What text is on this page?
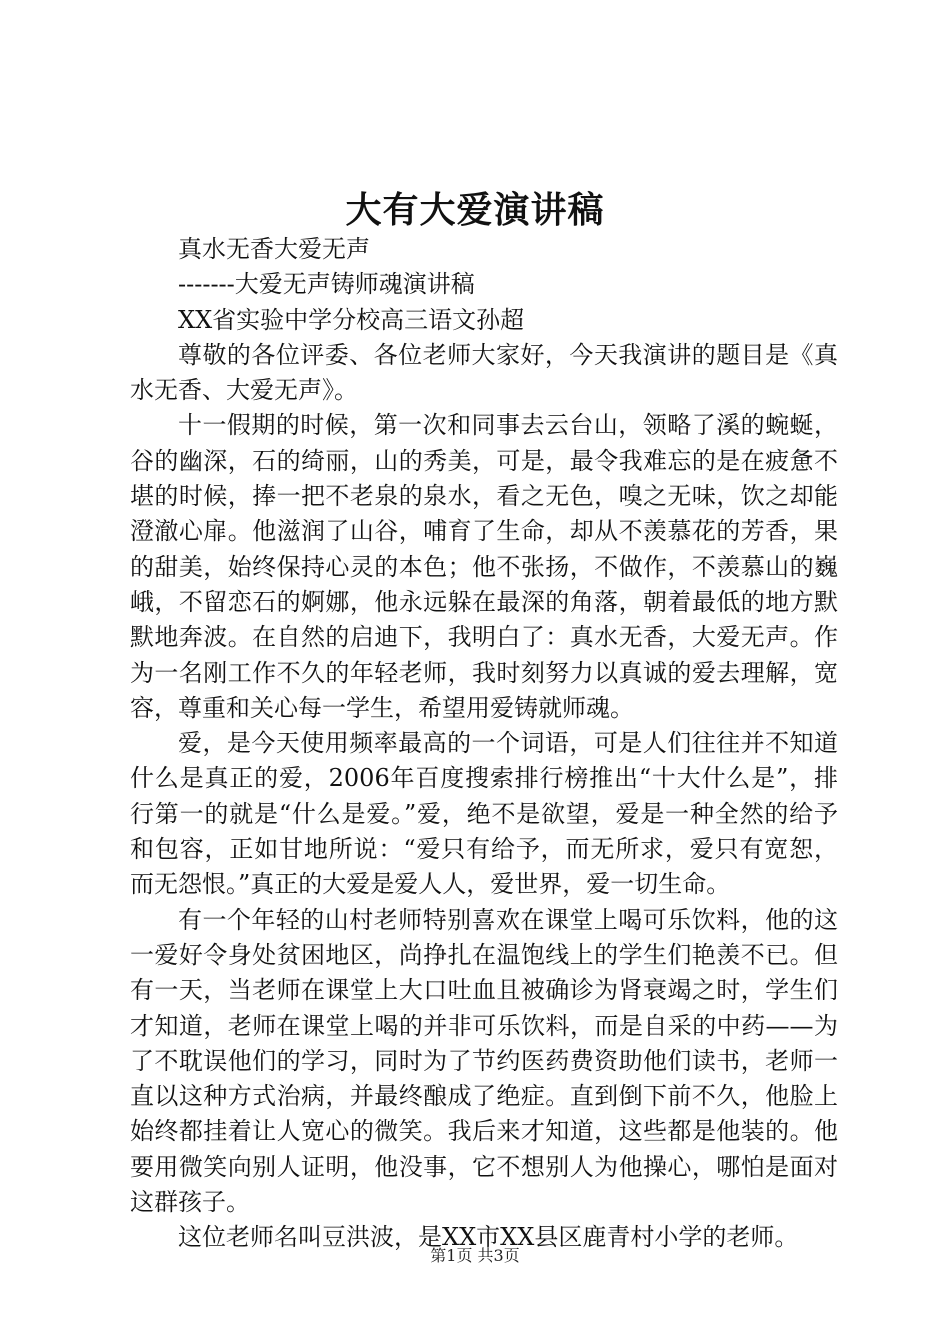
大有大爱演讲稿

真水无香大爱无声

-------大爱无声铸师魂演讲稿

XX省实验中学分校高三语文孙超

尊敬的各位评委、各位老师大家好，今天我演讲的题目是《真水无香、大爱无声》。

十一假期的时候，第一次和同事去云台山，领略了溪的蜿蜒，谷的幽深，石的绮丽，山的秀美，可是，最令我难忘的是在疲惫不堪的时候，捧一把不老泉的泉水，看之无色，嗅之无味，饮之却能澄澈心扉。他滋润了山谷，哺育了生命，却从不羡慕花的芳香，果的甜美，始终保持心灵的本色；他不张扬，不做作，不羡慕山的巍峨，不留恋石的婀娜，他永远躲在最深的角落，朝着最低的地方默默地奔波。在自然的启迪下，我明白了：真水无香，大爱无声。作为一名刚工作不久的年轻老师，我时刻努力以真诚的爱去理解，宽容，尊重和关心每一学生，希望用爱铸就师魂。

爱，是今天使用频率最高的一个词语，可是人们往往并不知道什么是真正的爱，2006年百度搜索排行榜推出“十大什么是”，排行第一的就是“什么是爱。”爱，绝不是欲望，爱是一种全然的给予和包容，正如甘地所说：“爱只有给予，而无所求，爱只有宽恕，而无怨恨。”真正的大爱是爱人人，爱世界，爱一切生命。

有一个年轻的山村老师特别喜欢在课堂上喝可乐饮料，他的这一爱好令身处贫困地区，尚挣扎在温饱线上的学生们艳羡不已。但有一天，当老师在课堂上大口吐血且被确诊为肾衰竭之时，学生们才知道，老师在课堂上喝的并非可乐饮料，而是自采的中药——为了不耽误他们的学习，同时为了节约医药费资助他们读书，老师一直以这种方式治病，并最终酿成了绝症。直到倒下前不久，他脸上始终都挂着让人宽心的微笑。我后来才知道，这些都是他装的。他要用微笑向别人证明，他没事，它不想别人为他操心，哪怕是面对这群孩子。

这位老师名叫豆洪波，是XX市XX县区鹿青村小学的老师。

第1页 共3页
